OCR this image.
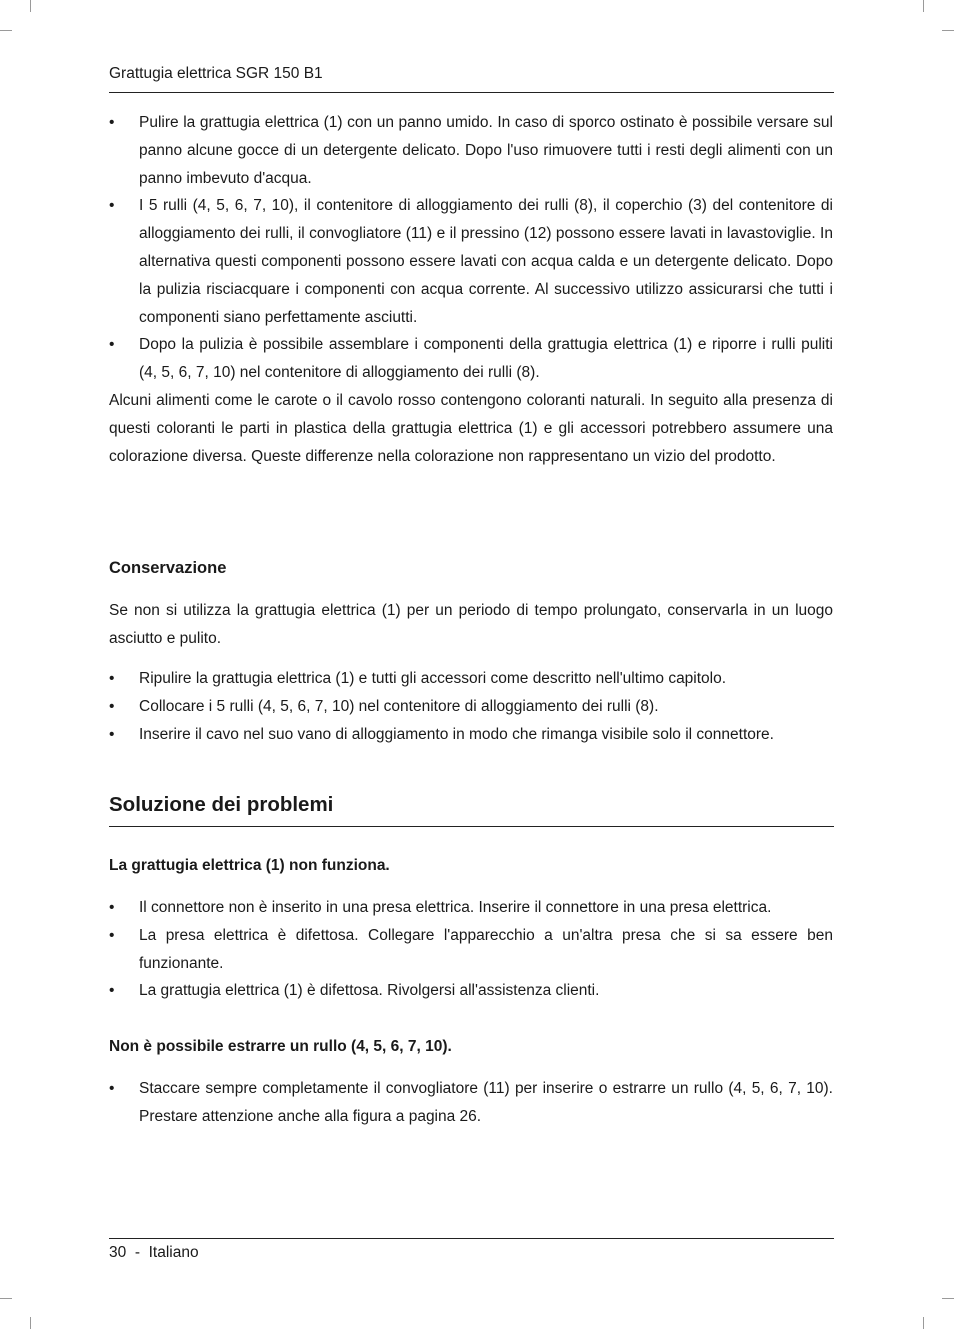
Grattugia elettrica SGR 150 B1
•	Pulire la grattugia elettrica (1) con un panno umido. In caso di sporco ostinato è possibile versare sul panno alcune gocce di un detergente delicato. Dopo l'uso rimuovere tutti i resti degli alimenti con un panno imbevuto d'acqua.
•	I 5 rulli (4, 5, 6, 7, 10), il contenitore di alloggiamento dei rulli (8), il coperchio (3) del contenitore di alloggiamento dei rulli, il convogliatore (11) e il pressino (12) possono essere lavati in lavastoviglie. In alternativa questi componenti possono essere lavati con acqua calda e un detergente delicato. Dopo la pulizia risciacquare i componenti con acqua corrente. Al successivo utilizzo assicurarsi che tutti i componenti siano perfettamente asciutti.
•	Dopo la pulizia è possibile assemblare i componenti della grattugia elettrica (1) e riporre i rulli puliti (4, 5, 6, 7, 10) nel contenitore di alloggiamento dei rulli (8).

Alcuni alimenti come le carote o il cavolo rosso contengono coloranti naturali. In seguito alla presenza di questi coloranti le parti in plastica della grattugia elettrica (1) e gli accessori potrebbero assumere una colorazione diversa. Queste differenze nella colorazione non rappresentano un vizio del prodotto.

Conservazione

Se non si utilizza la grattugia elettrica (1) per un periodo di tempo prolungato, conservarla in un luogo asciutto e pulito.

•	Ripulire la grattugia elettrica (1) e tutti gli accessori come descritto nell'ultimo capitolo.
•	Collocare i 5 rulli (4, 5, 6, 7, 10) nel contenitore di alloggiamento dei rulli (8).
•	Inserire il cavo nel suo vano di alloggiamento in modo che rimanga visibile solo il connettore.
Soluzione dei problemi
La grattugia elettrica (1) non funziona.
•	Il connettore non è inserito in una presa elettrica. Inserire il connettore in una presa elettrica.
•	La presa elettrica è difettosa. Collegare l'apparecchio a un'altra presa che si sa essere ben funzionante.
•	La grattugia elettrica (1) è difettosa. Rivolgersi all'assistenza clienti.
Non è possibile estrarre un rullo (4, 5, 6, 7, 10).
•	Staccare sempre completamente il convogliatore (11) per inserire o estrarre un rullo (4, 5, 6, 7, 10). Prestare attenzione anche alla figura a pagina 26.
30  -  Italiano
